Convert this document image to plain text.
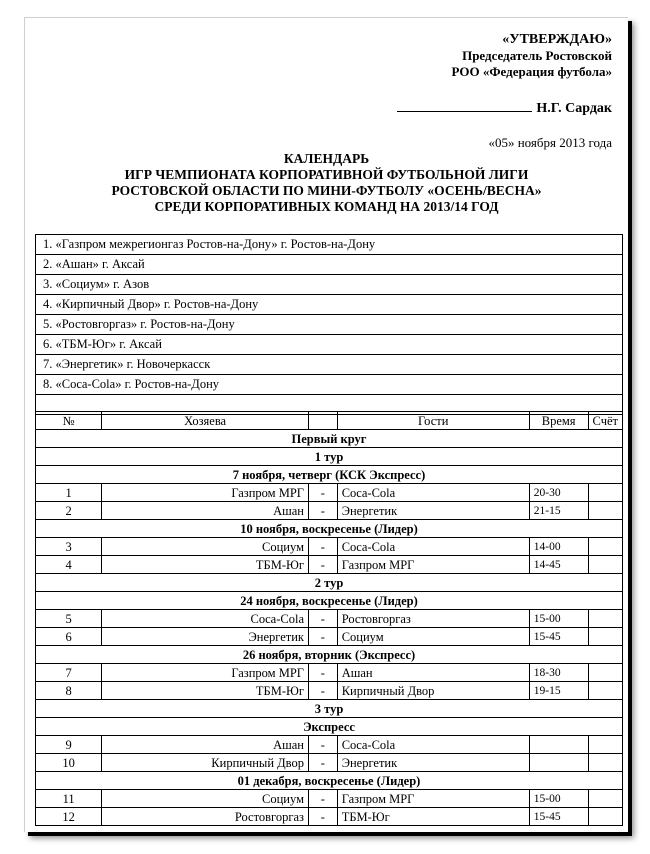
«УТВЕРЖДАЮ»
Председатель Ростовской
РОО «Федерация футбола»
Н.Г. Сардак
«05» ноября 2013 года
КАЛЕНДАРЬ
ИГР ЧЕМПИОНАТА КОРПОРАТИВНОЙ ФУТБОЛЬНОЙ ЛИГИ
РОСТОВСКОЙ ОБЛАСТИ ПО МИНИ-ФУТБОЛУ «ОСЕНЬ/ВЕСНА»
СРЕДИ КОРПОРАТИВНЫХ КОМАНД НА 2013/14 ГОД
1. «Газпром межрегионгаз Ростов-на-Дону» г. Ростов-на-Дону
2. «Ашан» г. Аксай
3. «Социум» г. Азов
4. «Кирпичный Двор» г. Ростов-на-Дону
5. «Ростовгоргаз» г. Ростов-на-Дону
6. «ТБМ-Юг» г. Аксай
7. «Энергетик» г. Новочеркасск
8. «Coca-Cola» г. Ростов-на-Дону

№	Хозяева		Гости	Время	Счёт
Первый круг					
1 тур					
7 ноября, четверг (КСК Экспресс)					
1	Газпром МРГ	-	Coca-Cola	20-30	
2	Ашан	-	Энергетик	21-15	
10 ноября, воскресенье (Лидер)					
3	Социум	-	Coca-Cola	14-00	
4	ТБМ-Юг	-	Газпром МРГ	14-45	
2 тур					
24 ноября, воскресенье (Лидер)					
5	Coca-Cola	-	Ростовгоргаз	15-00	
6	Энергетик	-	Социум	15-45	
26 ноября, вторник (Экспресс)					
7	Газпром МРГ	-	Ашан	18-30	
8	ТБМ-Юг	-	Кирпичный Двор	19-15	
3 тур					
Экспресс					
9	Ашан	-	Coca-Cola		
10	Кирпичный Двор	-	Энергетик		
01 декабря, воскресенье (Лидер)					
11	Социум	-	Газпром МРГ	15-00	
12	Ростовгоргаз	-	ТБМ-Юг	15-45	
